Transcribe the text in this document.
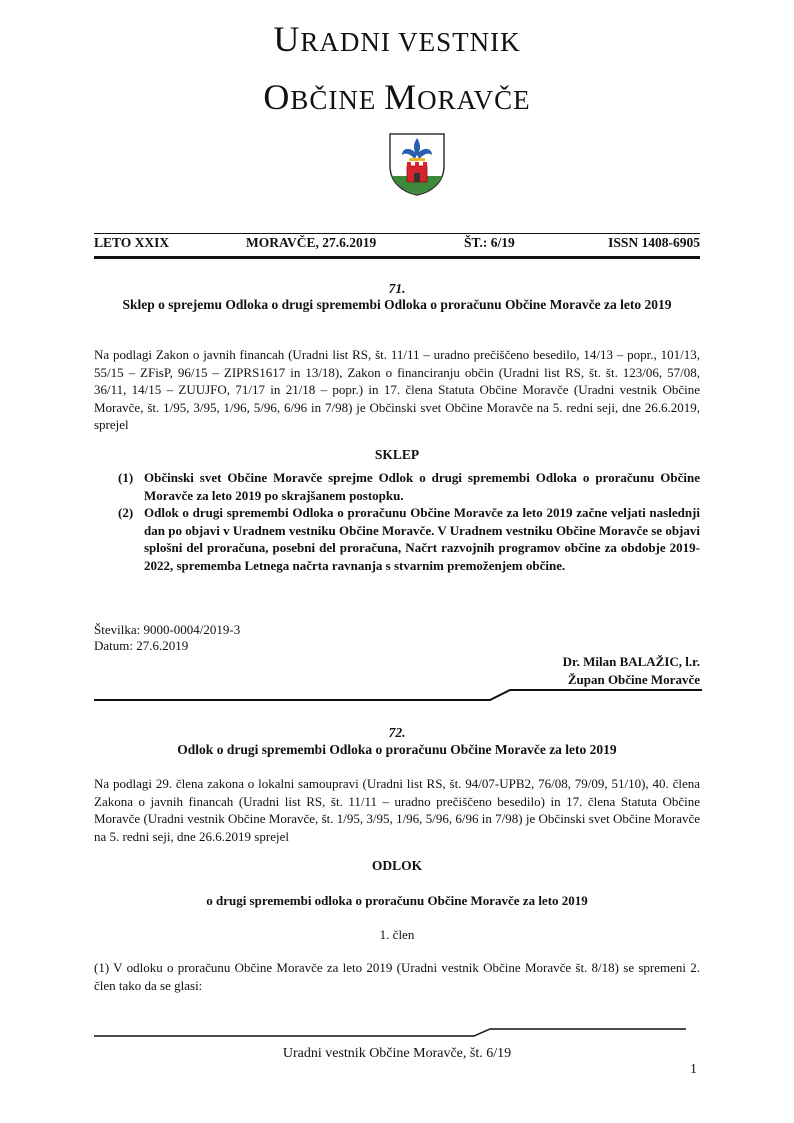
URADNI VESTNIK
OBČINE MORAVČE
LETO XXIX	MORAVČE, 27.6.2019	ŠT.: 6/19	ISSN 1408-6905
71.
Sklep o sprejemu Odloka o drugi spremembi Odloka o proračunu Občine Moravče za leto 2019
Na podlagi Zakon o javnih financah (Uradni list RS, št. 11/11 – uradno prečiščeno besedilo, 14/13 – popr., 101/13, 55/15 – ZFisP, 96/15 – ZIPRS1617 in 13/18), Zakon o financiranju občin (Uradni list RS, št. št. 123/06, 57/08, 36/11, 14/15 – ZUUJFO, 71/17 in 21/18 – popr.) in 17. člena Statuta Občine Moravče (Uradni vestnik Občine Moravče, št. 1/95, 3/95, 1/96, 5/96, 6/96 in 7/98) je Občinski svet Občine Moravče na 5. redni seji, dne 26.6.2019, sprejel
SKLEP

(1) Občinski svet Občine Moravče sprejme Odlok o drugi spremembi Odloka o proračunu Občine Moravče za leto 2019 po skrajšanem postopku.

(2) Odlok o drugi spremembi Odloka o proračunu Občine Moravče za leto 2019 začne veljati naslednji dan po objavi v Uradnem vestniku Občine Moravče. V Uradnem vestniku Občine Moravče se objavi splošni del proračuna, posebni del proračuna, Načrt razvojnih programov občine za obdobje 2019-2022, sprememba Letnega načrta ravnanja s stvarnim premoženjem občine.

Številka: 9000-0004/2019-3
Datum: 27.6.2019
Dr. Milan BALAŽIC, l.r.
Župan Občine Moravče
72.
Odlok o drugi spremembi Odloka o proračunu Občine Moravče za leto 2019
Na podlagi 29. člena zakona o lokalni samoupravi (Uradni list RS, št. 94/07-UPB2, 76/08, 79/09, 51/10), 40. člena Zakona o javnih financah (Uradni list RS, št. 11/11 – uradno prečiščeno besedilo) in 17. člena Statuta Občine Moravče (Uradni vestnik Občine Moravče, št. 1/95, 3/95, 1/96, 5/96, 6/96 in 7/98) je Občinski svet Občine Moravče na 5. redni seji, dne 26.6.2019 sprejel
ODLOK
o drugi spremembi odloka o proračunu Občine Moravče za leto 2019
1. člen
(1) V odloku o proračunu Občine Moravče za leto 2019 (Uradni vestnik Občine Moravče št. 8/18) se spremeni 2. člen tako da se glasi:
Uradni vestnik Občine Moravče, št. 6/19
1
